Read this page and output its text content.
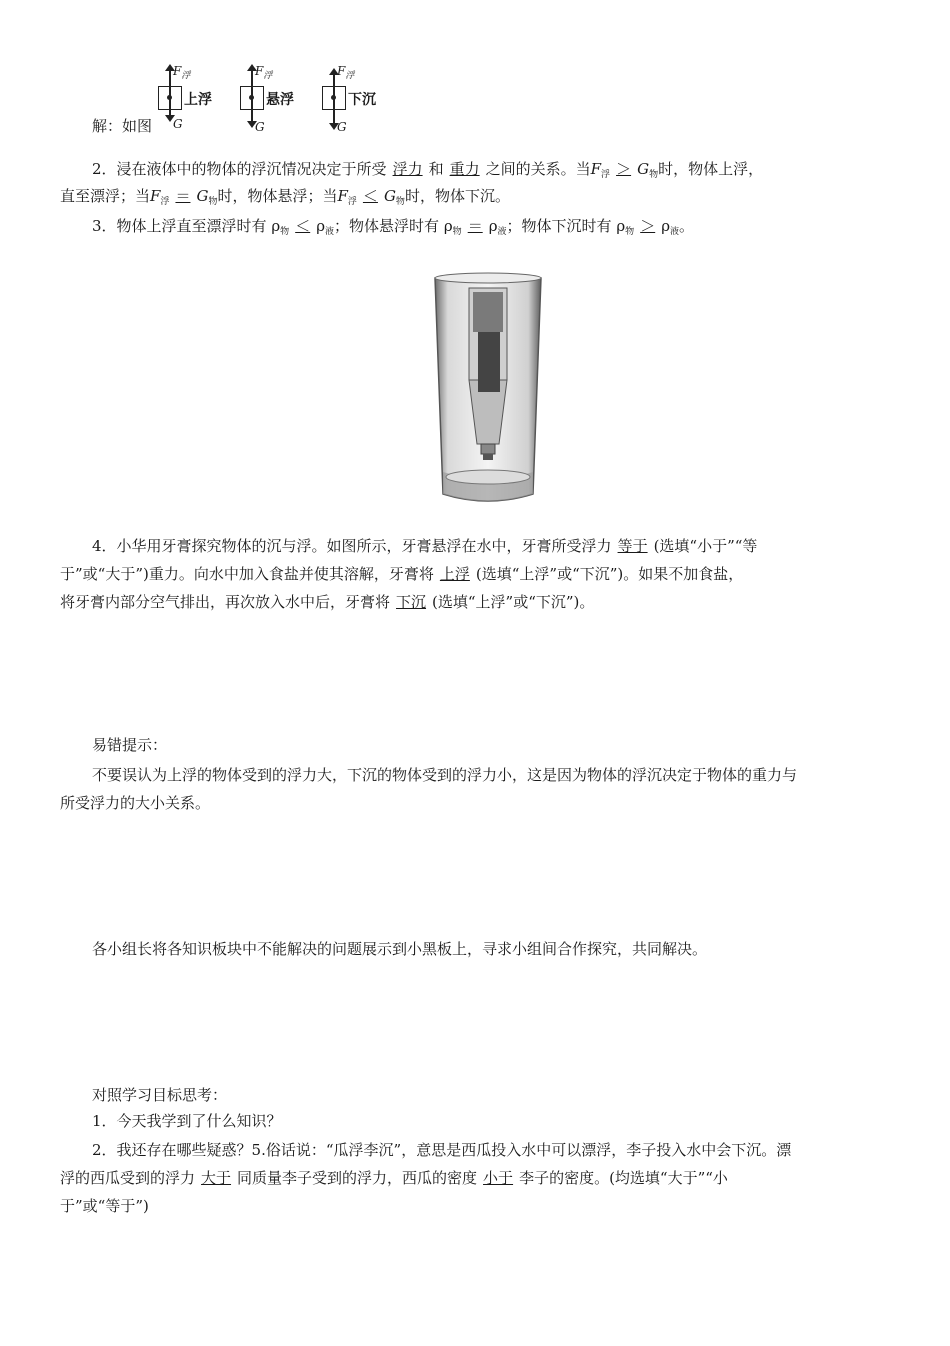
$F_浮$
G
上浮
$F_浮$
G
悬浮
$F_浮$
G
下沉
解：如图
2．浸在液体中的物体的浮沉情况决定于所受 浮力 和 重力 之间的关系。当$F_浮 > G_物$时，物体上浮，
直至漂浮；当$F_浮 = G_物$时，物体悬浮；当$F_浮 < G_物$时，物体下沉。
3．物体上浮直至漂浮时有 $\rho_物 < \rho_液$；物体悬浮时有 $\rho_物 = \rho_液$；物体下沉时有 $\rho_物 > \rho_液$。
4．小华用牙膏探究物体的沉与浮。如图所示，牙膏悬浮在水中，牙膏所受浮力 等于 (选填“小于”“等
于”或“大于”)重力。向水中加入食盐并使其溶解，牙膏将 上浮 (选填“上浮”或“下沉”)。如果不加食盐，
将牙膏内部分空气排出，再次放入水中后，牙膏将 下沉 (选填“上浮”或“下沉”)。
易错提示：
不要误认为上浮的物体受到的浮力大，下沉的物体受到的浮力小，这是因为物体的浮沉决定于物体的重力与
所受浮力的大小关系。
各小组长将各知识板块中不能解决的问题展示到小黑板上，寻求小组间合作探究，共同解决。
对照学习目标思考：
1．今天我学到了什么知识？
2．我还存在哪些疑惑？5.俗话说：“瓜浮李沉”，意思是西瓜投入水中可以漂浮，李子投入水中会下沉。漂
浮的西瓜受到的浮力 大于 同质量李子受到的浮力，西瓜的密度 小于 李子的密度。(均选填“大于”“小
于”或“等于”)
